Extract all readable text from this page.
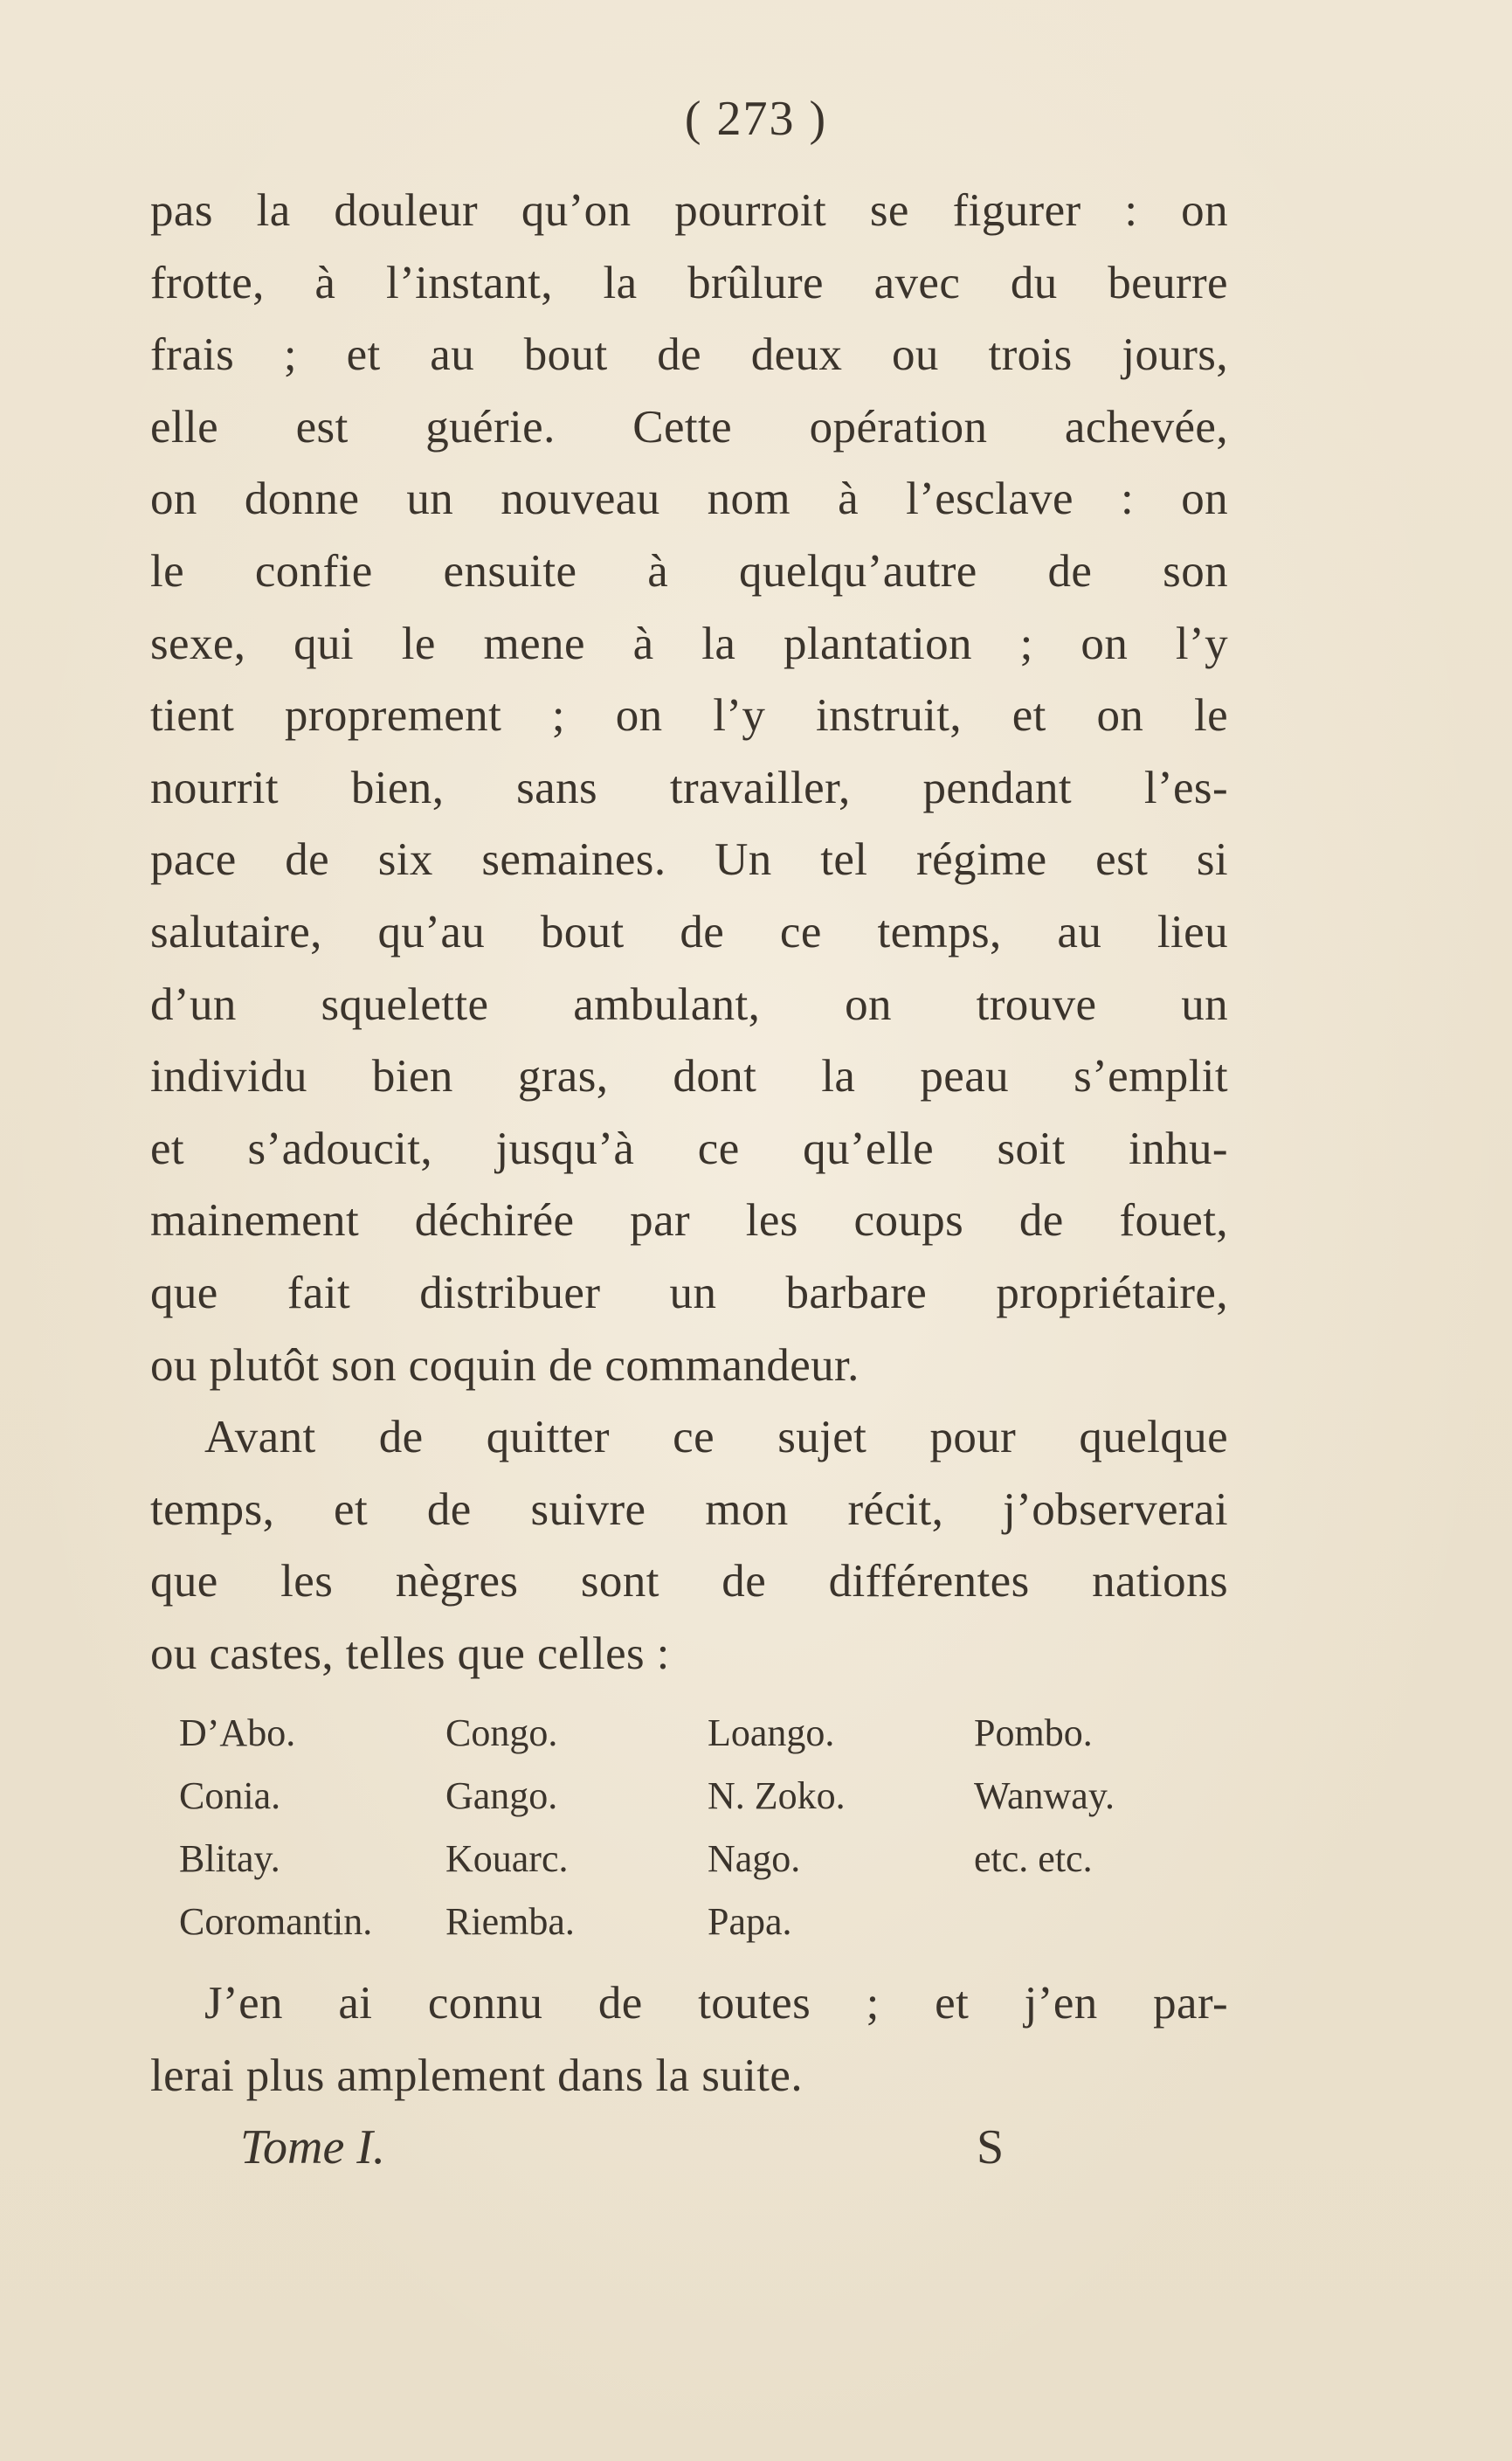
( 273 )
pas la douleur qu’on pourroit se figurer : on
frotte, à l’instant, la brûlure avec du beurre
frais ; et au bout de deux ou trois jours,
elle est guérie. Cette opération achevée,
on donne un nouveau nom à l’esclave : on
le confie ensuite à quelqu’autre de son
sexe, qui le mene à la plantation ; on l’y
tient proprement ; on l’y instruit, et on le
nourrit bien, sans travailler, pendant l’es-
pace de six semaines. Un tel régime est si
salutaire, qu’au bout de ce temps, au lieu
d’un squelette ambulant, on trouve un
individu bien gras, dont la peau s’emplit
et s’adoucit, jusqu’à ce qu’elle soit inhu-
mainement déchirée par les coups de fouet,
que fait distribuer un barbare propriétaire,
ou plutôt son coquin de commandeur.
Avant de quitter ce sujet pour quelque
temps, et de suivre mon récit, j’observerai
que les nègres sont de différentes nations
ou castes, telles que celles :
D’Abo.	Congo.	Loango.	Pombo.
Conia.	Gango.	N. Zoko.	Wanway.
Blitay.	Kouarc.	Nago.	etc. etc.
Coromantin. Riemba.	Papa.
J’en ai connu de toutes ; et j’en par-
lerai plus amplement dans la suite.
Tome I.	S
